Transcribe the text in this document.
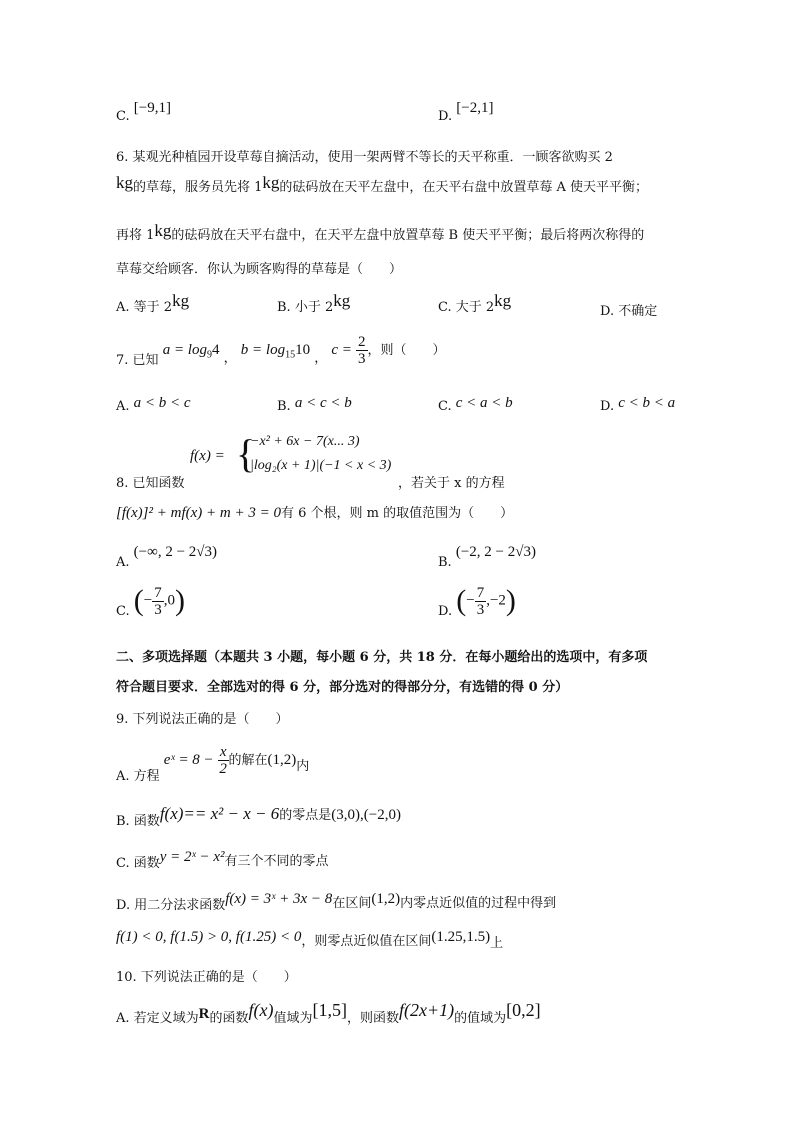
C. [−9,1]
D. [−2,1]
6. 某观光种植园开设草莓自摘活动，使用一架两臂不等长的天平称重．一顾客欲购买 2
kg的草莓，服务员先将 1kg的砝码放在天平左盘中，在天平右盘中放置草莓 A 使天平平衡；
再将 1kg的砝码放在天平右盘中，在天平左盘中放置草莓 B 使天平平衡；最后将两次称得的
草莓交给顾客．你认为顾客购得的草莓是（　　）
A. 等于 2kg	B. 小于 2kg	C. 大于 2kg
D. 不确定
7. 已知 $a = \log_94$ ， $b = \log_{15}10$ ， $c = \frac{2}{3}$ ，则（　　）
A. a < b < c	B. a < c < b	C. c < a < b	D. c < b < a
8. 已知函数
f(x) = {
−x² + 6x − 7(x... 3)
|log₂(x + 1)|(−1 < x < 3)
，若关于 x 的方程
[f(x)]² + mf(x) + m + 3 = 0有 6 个根，则 m 的取值范围为（　　）
A. (−∞, 2 − 2√3)
B. (−2, 2 − 2√3)
C. (− $\frac{7}{3} ,0$)	D. (− $\frac{7}{3} ,-2$)
二、多项选择题（本题共 3 小题，每小题 6 分，共 18 分．在每小题给出的选项中，有多项
符合题目要求．全部选对的得 6 分，部分选对的得部分分，有选错的得 0 分）
9. 下列说法正确的是（　　）
A. 方程 eˣ = $8 - \frac{x}{2}$ 的解在(1,2)内
B. 函数f(x)== x² − x − 6的零点是(3,0),(−2,0)
C. 函数y = 2ˣ − x²有三个不同的零点
D. 用二分法求函数f(x) = 3ˣ + 3x − 8在区间(1,2)内零点近似值的过程中得到
f(1) < 0, f(1.5) > 0, f(1.25) < 0，则零点近似值在区间(1.25,1.5)上
10. 下列说法正确的是（　　）
A. 若定义域为R的函数f(x)值域为[1,5]，则函数f(2x+1)的值域为[0,2]
